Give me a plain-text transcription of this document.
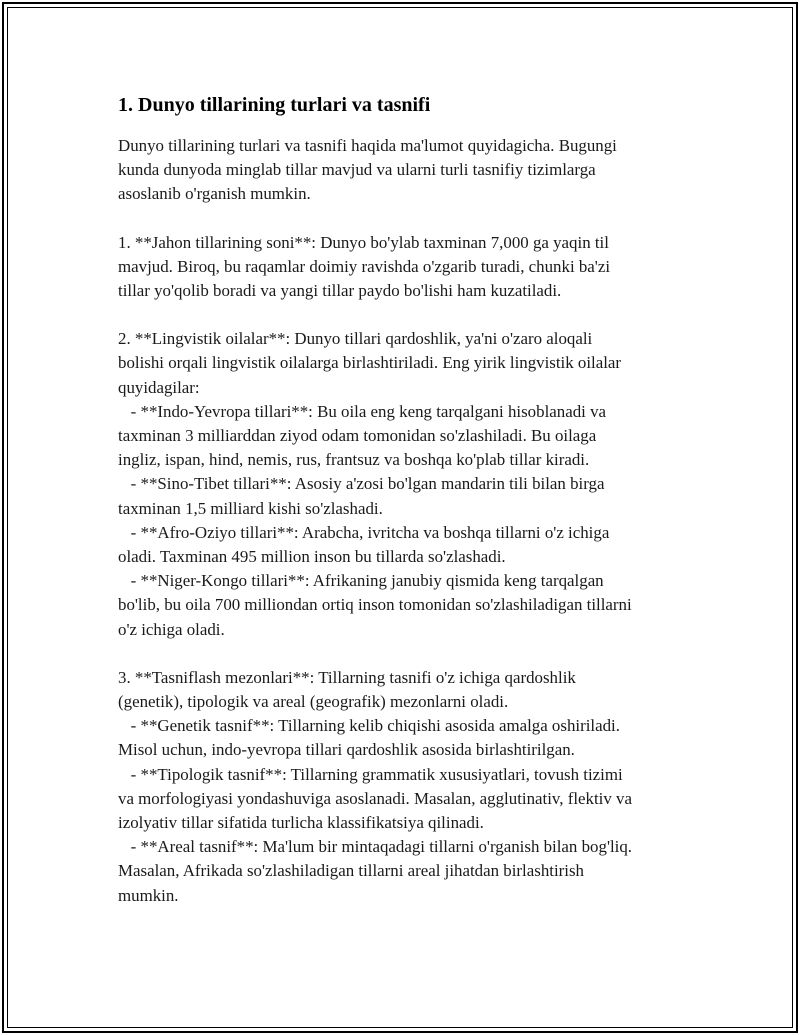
1. Dunyo tillarining turlari va tasnifi

Dunyo tillarining turlari va tasnifi haqida ma'lumot quyidagicha. Bugungi
kunda dunyoda minglab tillar mavjud va ularni turli tasnifiy tizimlarga
asoslanib o'rganish mumkin.

1. **Jahon tillarining soni**: Dunyo bo'ylab taxminan 7,000 ga yaqin til
mavjud. Biroq, bu raqamlar doimiy ravishda o'zgarib turadi, chunki ba'zi
tillar yo'qolib boradi va yangi tillar paydo bo'lishi ham kuzatiladi.

2. **Lingvistik oilalar**: Dunyo tillari qardoshlik, ya'ni o'zaro aloqali
bolishi orqali lingvistik oilalarga birlashtiriladi. Eng yirik lingvistik oilalar
quyidagilar:
- **Indo-Yevropa tillari**: Bu oila eng keng tarqalgani hisoblanadi va
taxminan 3 milliarddan ziyod odam tomonidan so'zlashiladi. Bu oilaga
ingliz, ispan, hind, nemis, rus, frantsuz va boshqa ko'plab tillar kiradi.
- **Sino-Tibet tillari**: Asosiy a'zosi bo'lgan mandarin tili bilan birga
taxminan 1,5 milliard kishi so'zlashadi.
- **Afro-Oziyo tillari**: Arabcha, ivritcha va boshqa tillarni o'z ichiga
oladi. Taxminan 495 million inson bu tillarda so'zlashadi.
- **Niger-Kongo tillari**: Afrikaning janubiy qismida keng tarqalgan
bo'lib, bu oila 700 milliondan ortiq inson tomonidan so'zlashiladigan tillarni
o'z ichiga oladi.

3. **Tasniflash mezonlari**: Tillarning tasnifi o'z ichiga qardoshlik
(genetik), tipologik va areal (geografik) mezonlarni oladi.
- **Genetik tasnif**: Tillarning kelib chiqishi asosida amalga oshiriladi.
Misol uchun, indo-yevropa tillari qardoshlik asosida birlashtirilgan.
- **Tipologik tasnif**: Tillarning grammatik xususiyatlari, tovush tizimi
va morfologiyasi yondashuviga asoslanadi. Masalan, agglutinativ, flektiv va
izolyativ tillar sifatida turlicha klassifikatsiya qilinadi.
- **Areal tasnif**: Ma'lum bir mintaqadagi tillarni o'rganish bilan bog'liq.
Masalan, Afrikada so'zlashiladigan tillarni areal jihatdan birlashtirish
mumkin.
